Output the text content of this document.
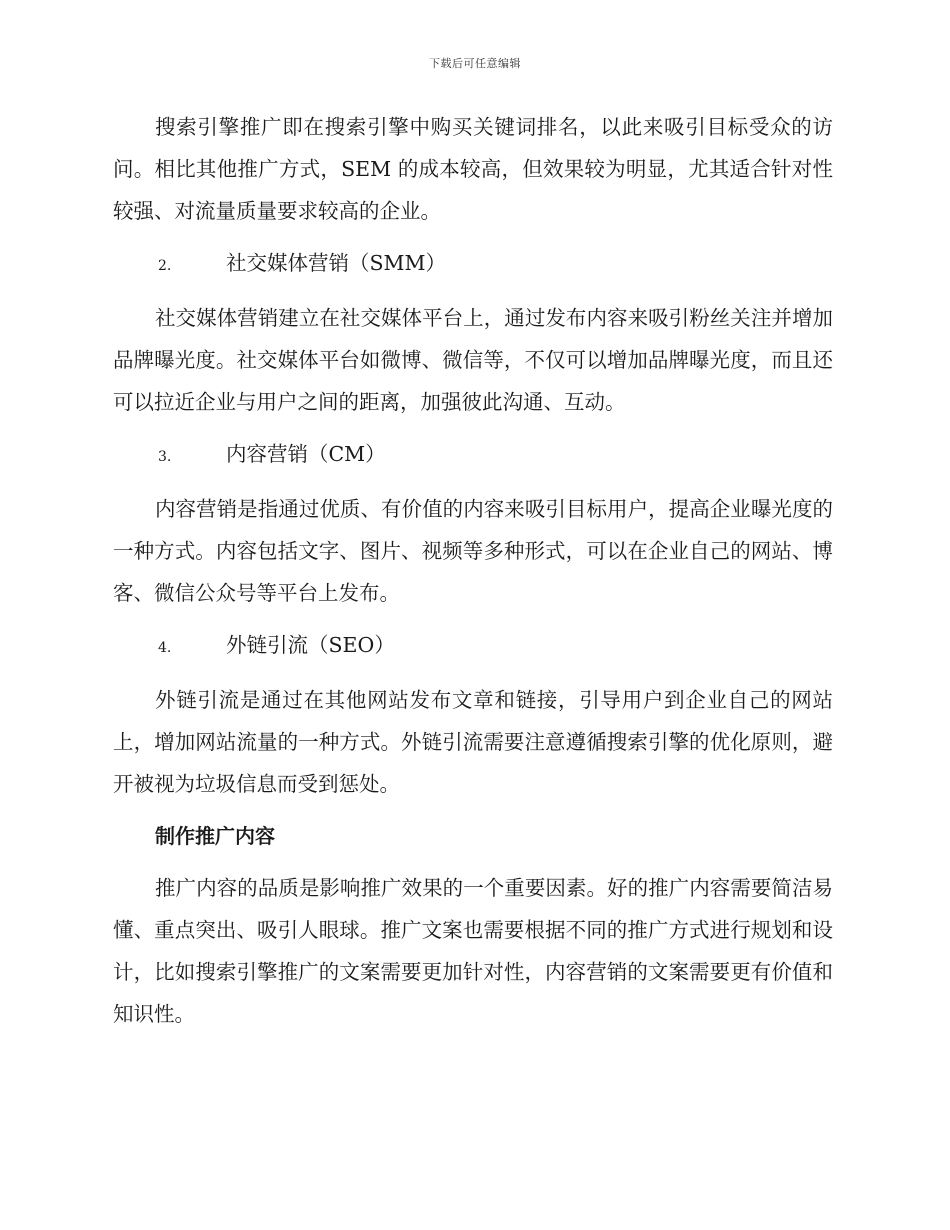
下载后可任意编辑

搜索引擎推广即在搜索引擎中购买关键词排名，以此来吸引目标受众的访问。相比其他推广方式，SEM 的成本较高，但效果较为明显，尤其适合针对性较强、对流量质量要求较高的企业。

2.	社交媒体营销（SMM）

社交媒体营销建立在社交媒体平台上，通过发布内容来吸引粉丝关注并增加品牌曝光度。社交媒体平台如微博、微信等，不仅可以增加品牌曝光度，而且还可以拉近企业与用户之间的距离，加强彼此沟通、互动。

3.	内容营销（CM）

内容营销是指通过优质、有价值的内容来吸引目标用户，提高企业曝光度的一种方式。内容包括文字、图片、视频等多种形式，可以在企业自己的网站、博客、微信公众号等平台上发布。

4.	外链引流（SEO）

外链引流是通过在其他网站发布文章和链接，引导用户到企业自己的网站上，增加网站流量的一种方式。外链引流需要注意遵循搜索引擎的优化原则，避开被视为垃圾信息而受到惩处。

制作推广内容

推广内容的品质是影响推广效果的一个重要因素。好的推广内容需要简洁易懂、重点突出、吸引人眼球。推广文案也需要根据不同的推广方式进行规划和设计，比如搜索引擎推广的文案需要更加针对性，内容营销的文案需要更有价值和知识性。
